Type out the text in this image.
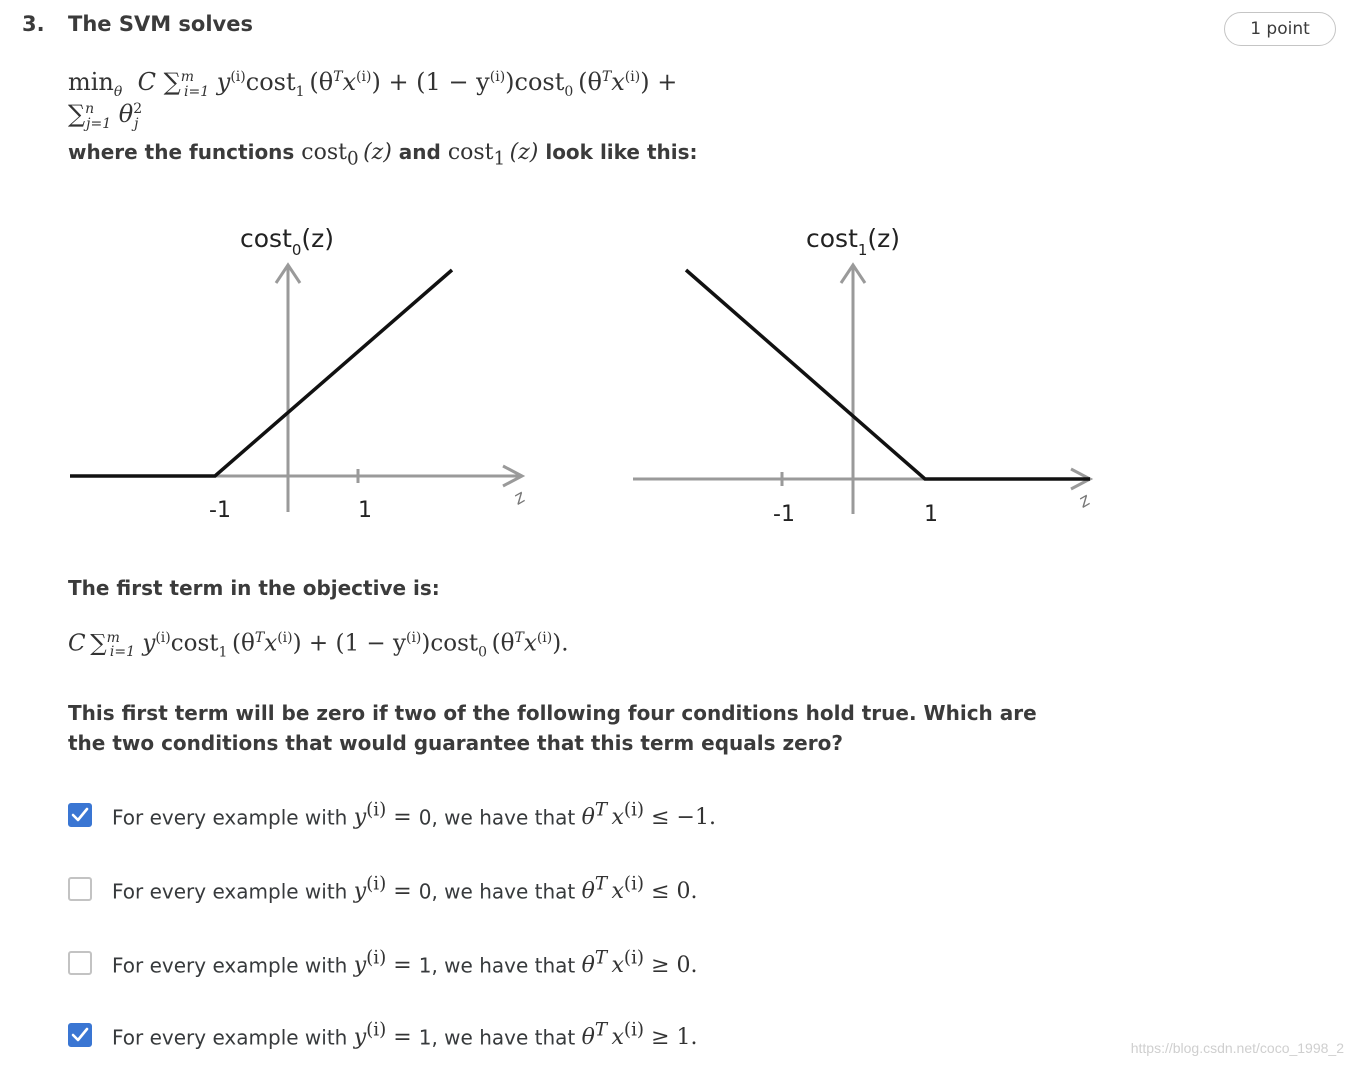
3. The SVM solves	1 point
$\min_\theta C$ ∑$^m_{i=1}$ $y^{(i)}\cos t_1$  $(\theta^Tx^{(i)}) + (1 - y^{(i)})\cos t_0$  $(\theta^Tx^{(i)}) + \sum^n_{j=1}$ $\theta^2_j$
where the functions cost$_0$  (z) and cost$_1$  (z) look like this:
cost$_0$(z)
-1	1
z
cost$_1$(z)
-1	1
z
The first term in the objective is:
C ∑$^m_{i=1}$ $y^{(i)}\cos t_1$  $(\theta^Tx^{(i)}) + (1 - y^{(i)})\cos t_0$  $(\theta^Tx^{(i)})$.
This first term will be zero if two of the following four conditions hold true. Which are the two conditions that would guarantee that this term equals zero?
For every example with $y^{(i)} = 0$, we have that $\theta^T$  $x^{(i)} \le -1$.
For every example with $y^{(i)} = 0$, we have that $\theta^T$  $x^{(i)} \le 0$.
For every example with $y^{(i)} = 1$, we have that $\theta^T$  $x^{(i)} \ge 0$.
For every example with $y^{(i)} = 1$, we have that $\theta^T$  $x^{(i)} \ge 1$.	https://blog.csdn.net/coco_1998_2
